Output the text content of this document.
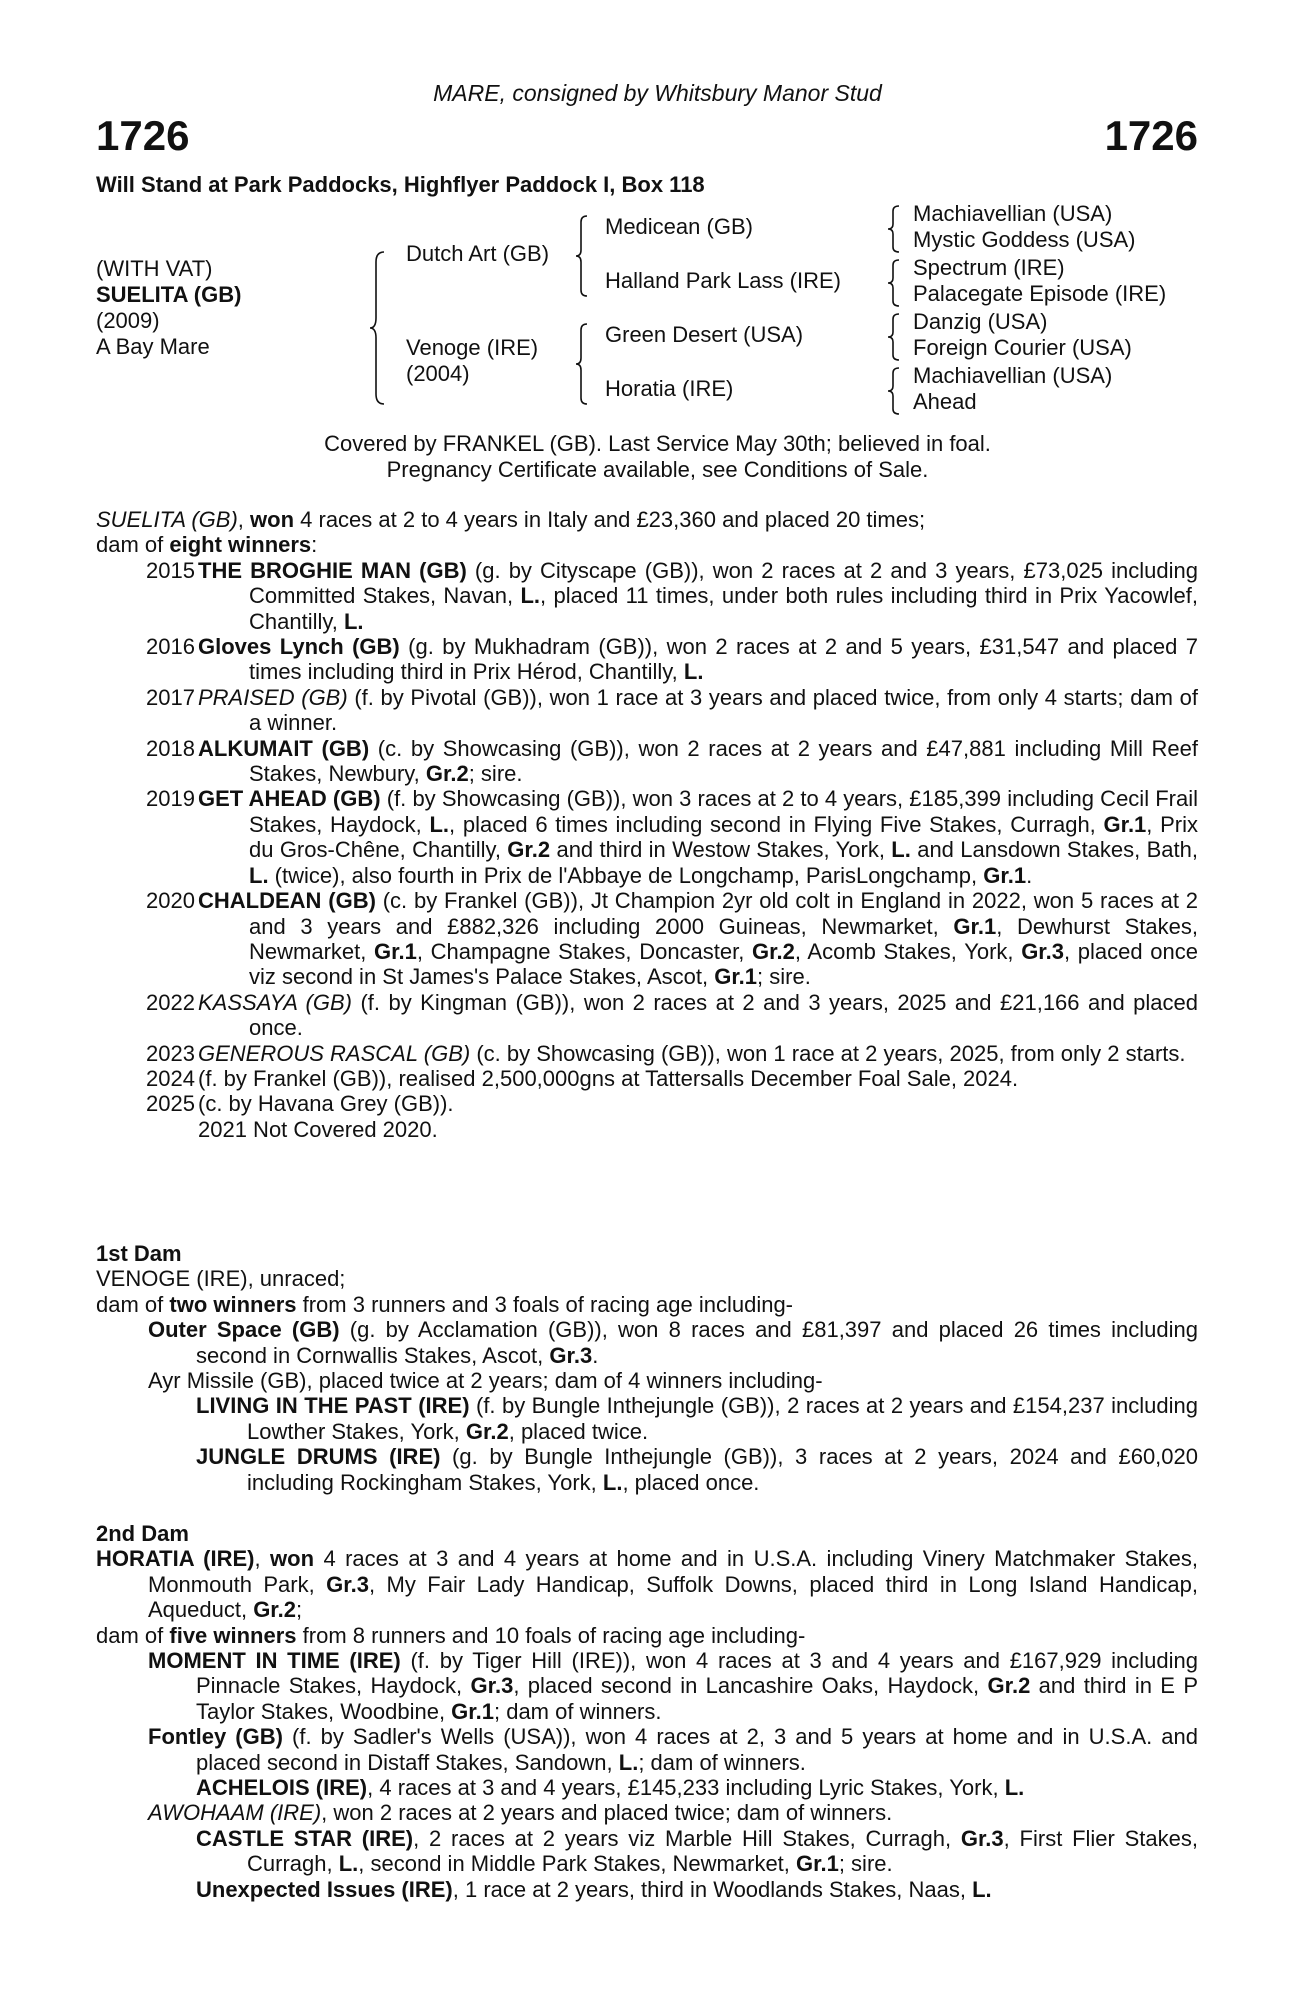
MARE, consigned by Whitsbury Manor Stud
1726	1726
Will Stand at Park Paddocks, Highflyer Paddock I, Box 118
(WITH VAT)
SUELITA (GB)
(2009)
A Bay Mare
Dutch Art (GB)
Venoge (IRE)
(2004)
Medicean (GB)
Halland Park Lass (IRE)
Green Desert (USA)
Horatia (IRE)
Machiavellian (USA)
Mystic Goddess (USA)
Spectrum (IRE)
Palacegate Episode (IRE)
Danzig (USA)
Foreign Courier (USA)
Machiavellian (USA)
Ahead
Covered by FRANKEL (GB). Last Service May 30th; believed in foal.
Pregnancy Certificate available, see Conditions of Sale.
SUELITA (GB), won 4 races at 2 to 4 years in Italy and £23,360 and placed 20 times;
dam of eight winners:
2015 THE BROGHIE MAN (GB) (g. by Cityscape (GB)), won 2 races at 2 and 3 years, £73,025 including Committed Stakes, Navan, L., placed 11 times, under both rules including third in Prix Yacowlef, Chantilly, L.
2016 Gloves Lynch (GB) (g. by Mukhadram (GB)), won 2 races at 2 and 5 years, £31,547 and placed 7 times including third in Prix Hérod, Chantilly, L.
2017 PRAISED (GB) (f. by Pivotal (GB)), won 1 race at 3 years and placed twice, from only 4 starts; dam of a winner.
2018 ALKUMAIT (GB) (c. by Showcasing (GB)), won 2 races at 2 years and £47,881 including Mill Reef Stakes, Newbury, Gr.2; sire.
2019 GET AHEAD (GB) (f. by Showcasing (GB)), won 3 races at 2 to 4 years, £185,399 including Cecil Frail Stakes, Haydock, L., placed 6 times including second in Flying Five Stakes, Curragh, Gr.1, Prix du Gros-Chêne, Chantilly, Gr.2 and third in Westow Stakes, York, L. and Lansdown Stakes, Bath, L. (twice), also fourth in Prix de l'Abbaye de Longchamp, ParisLongchamp, Gr.1.
2020 CHALDEAN (GB) (c. by Frankel (GB)), Jt Champion 2yr old colt in England in 2022, won 5 races at 2 and 3 years and £882,326 including 2000 Guineas, Newmarket, Gr.1, Dewhurst Stakes, Newmarket, Gr.1, Champagne Stakes, Doncaster, Gr.2, Acomb Stakes, York, Gr.3, placed once viz second in St James's Palace Stakes, Ascot, Gr.1; sire.
2022 KASSAYA (GB) (f. by Kingman (GB)), won 2 races at 2 and 3 years, 2025 and £21,166 and placed once.
2023 GENEROUS RASCAL (GB) (c. by Showcasing (GB)), won 1 race at 2 years, 2025, from only 2 starts.
2024 (f. by Frankel (GB)), realised 2,500,000gns at Tattersalls December Foal Sale, 2024.
2025 (c. by Havana Grey (GB)).
2021 Not Covered 2020.
1st Dam
VENOGE (IRE), unraced;
dam of two winners from 3 runners and 3 foals of racing age including-
Outer Space (GB) (g. by Acclamation (GB)), won 8 races and £81,397 and placed 26 times including second in Cornwallis Stakes, Ascot, Gr.3.
Ayr Missile (GB), placed twice at 2 years; dam of 4 winners including-
LIVING IN THE PAST (IRE) (f. by Bungle Inthejungle (GB)), 2 races at 2 years and £154,237 including Lowther Stakes, York, Gr.2, placed twice.
JUNGLE DRUMS (IRE) (g. by Bungle Inthejungle (GB)), 3 races at 2 years, 2024 and £60,020 including Rockingham Stakes, York, L., placed once.
2nd Dam
HORATIA (IRE), won 4 races at 3 and 4 years at home and in U.S.A. including Vinery Matchmaker Stakes, Monmouth Park, Gr.3, My Fair Lady Handicap, Suffolk Downs, placed third in Long Island Handicap, Aqueduct, Gr.2;
dam of five winners from 8 runners and 10 foals of racing age including-
MOMENT IN TIME (IRE) (f. by Tiger Hill (IRE)), won 4 races at 3 and 4 years and £167,929 including Pinnacle Stakes, Haydock, Gr.3, placed second in Lancashire Oaks, Haydock, Gr.2 and third in E P Taylor Stakes, Woodbine, Gr.1; dam of winners.
Fontley (GB) (f. by Sadler's Wells (USA)), won 4 races at 2, 3 and 5 years at home and in U.S.A. and placed second in Distaff Stakes, Sandown, L.; dam of winners.
ACHELOIS (IRE), 4 races at 3 and 4 years, £145,233 including Lyric Stakes, York, L.
AWOHAAM (IRE), won 2 races at 2 years and placed twice; dam of winners.
CASTLE STAR (IRE), 2 races at 2 years viz Marble Hill Stakes, Curragh, Gr.3, First Flier Stakes, Curragh, L., second in Middle Park Stakes, Newmarket, Gr.1; sire.
Unexpected Issues (IRE), 1 race at 2 years, third in Woodlands Stakes, Naas, L.
